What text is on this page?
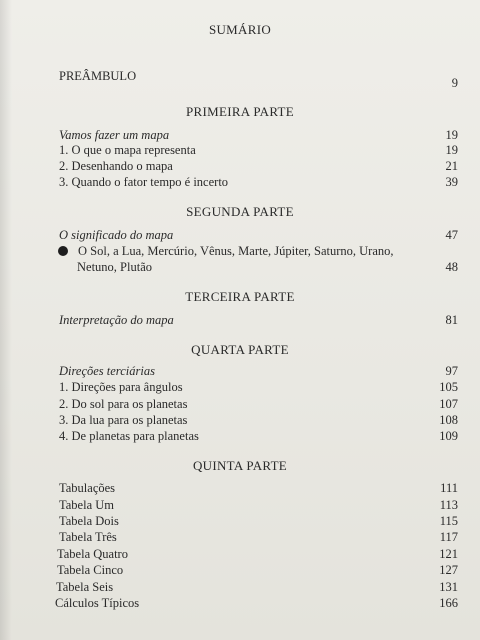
SUMÁRIO
PREÂMBULO	9
PRIMEIRA PARTE
Vamos fazer um mapa	19
1. O que o mapa representa	19
2. Desenhando o mapa	21
3. Quando o fator tempo é incerto	39
SEGUNDA PARTE
O significado do mapa	47
O Sol, a Lua, Mercúrio, Vênus, Marte, Júpiter, Saturno, Urano,
Netuno, Plutão	48
TERCEIRA PARTE
Interpretação do mapa	81
QUARTA PARTE
Direções terciárias	97
1. Direções para ângulos	105
2. Do sol para os planetas	107
3. Da lua para os planetas	108
4. De planetas para planetas	109
QUINTA PARTE
Tabulações	111
Tabela Um	113
Tabela Dois	115
Tabela Três	117
Tabela Quatro	121
Tabela Cinco	127
Tabela Seis	131
Cálculos Típicos	166
